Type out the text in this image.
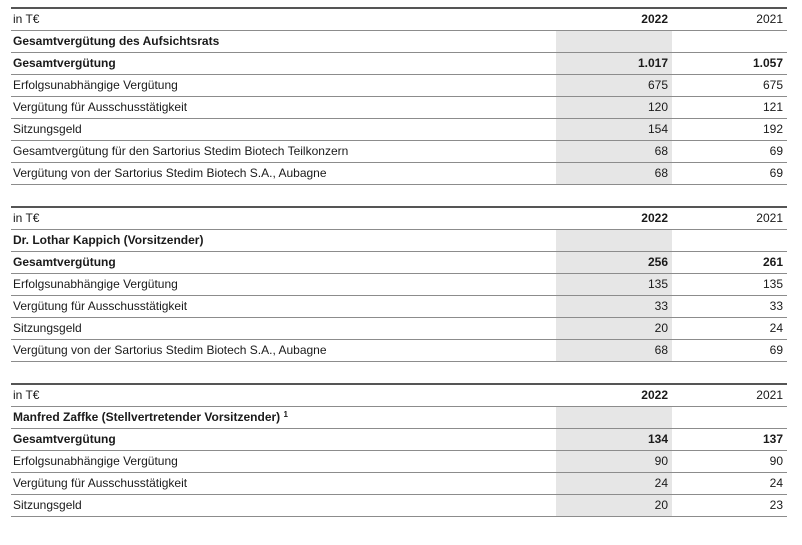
in T€	2022	2021
Gesamtvergütung des Aufsichtsrats		
Gesamtvergütung	1.017	1.057
Erfolgsunabhängige Vergütung	675	675
Vergütung für Ausschusstätigkeit	120	121
Sitzungsgeld	154	192
Gesamtvergütung für den Sartorius Stedim Biotech Teilkonzern	68	69
Vergütung von der Sartorius Stedim Biotech S.A., Aubagne	68	69
in T€	2022	2021
Dr. Lothar Kappich (Vorsitzender)		
Gesamtvergütung	256	261
Erfolgsunabhängige Vergütung	135	135
Vergütung für Ausschusstätigkeit	33	33
Sitzungsgeld	20	24
Vergütung von der Sartorius Stedim Biotech S.A., Aubagne	68	69
in T€	2022	2021
Manfred Zaffke (Stellvertretender Vorsitzender) $^1$		
Gesamtvergütung	134	137
Erfolgsunabhängige Vergütung	90	90
Vergütung für Ausschusstätigkeit	24	24
Sitzungsgeld	20	23
